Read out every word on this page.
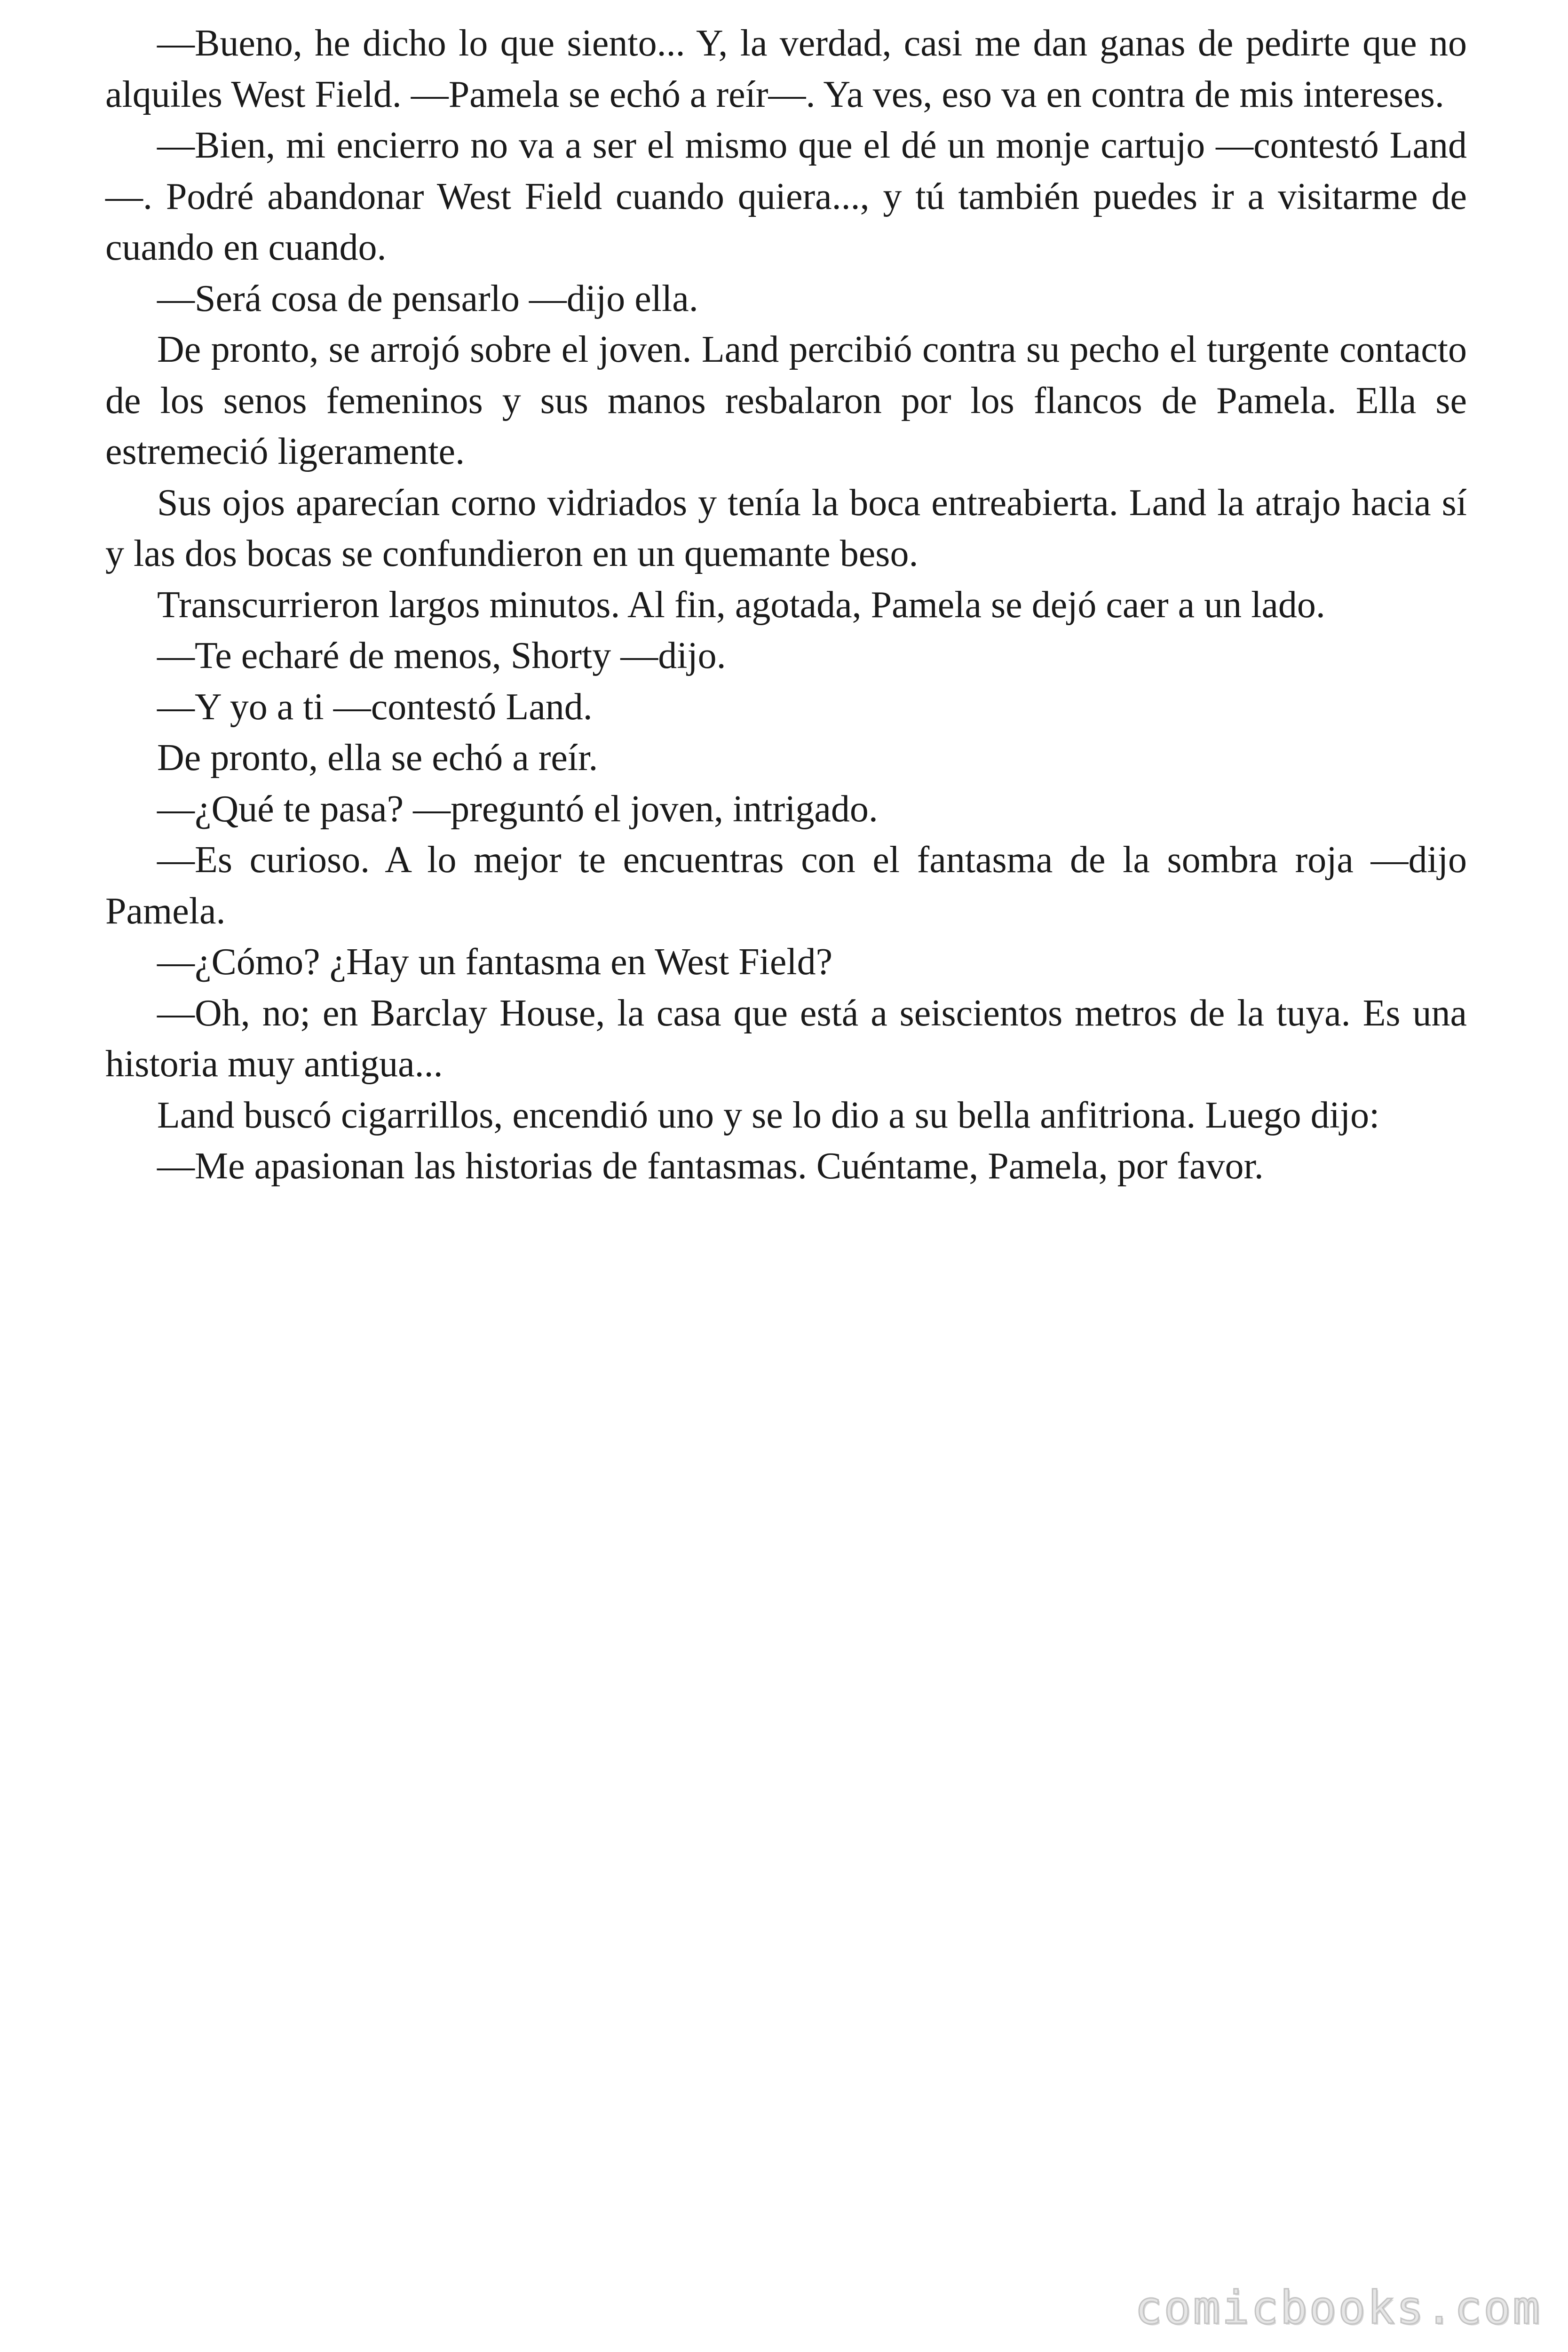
—Bueno, he dicho lo que siento... Y, la verdad, casi me dan ganas de pedirte que no alquiles West Field. —Pamela se echó a reír—. Ya ves, eso va en contra de mis intereses.

—Bien, mi encierro no va a ser el mismo que el dé un monje cartujo —contestó Land—. Podré abandonar West Field cuando quiera..., y tú también puedes ir a visitarme de cuando en cuando.

—Será cosa de pensarlo —dijo ella.

De pronto, se arrojó sobre el joven. Land percibió contra su pecho el turgente contacto de los senos femeninos y sus manos resbalaron por los flancos de Pamela. Ella se estremeció ligeramente.

Sus ojos aparecían corno vidriados y tenía la boca entreabierta. Land la atrajo hacia sí y las dos bocas se confundieron en un quemante beso.

Transcurrieron largos minutos. Al fin, agotada, Pamela se dejó caer a un lado.

—Te echaré de menos, Shorty —dijo.

—Y yo a ti —contestó Land.

De pronto, ella se echó a reír.

—¿Qué te pasa? —preguntó el joven, intrigado.

—Es curioso. A lo mejor te encuentras con el fantasma de la sombra roja —dijo Pamela.

—¿Cómo? ¿Hay un fantasma en West Field?

—Oh, no; en Barclay House, la casa que está a seiscientos metros de la tuya. Es una historia muy antigua...

Land buscó cigarrillos, encendió uno y se lo dio a su bella anfitriona. Luego dijo:

—Me apasionan las historias de fantasmas. Cuéntame, Pamela, por favor.

comicbooks.com
